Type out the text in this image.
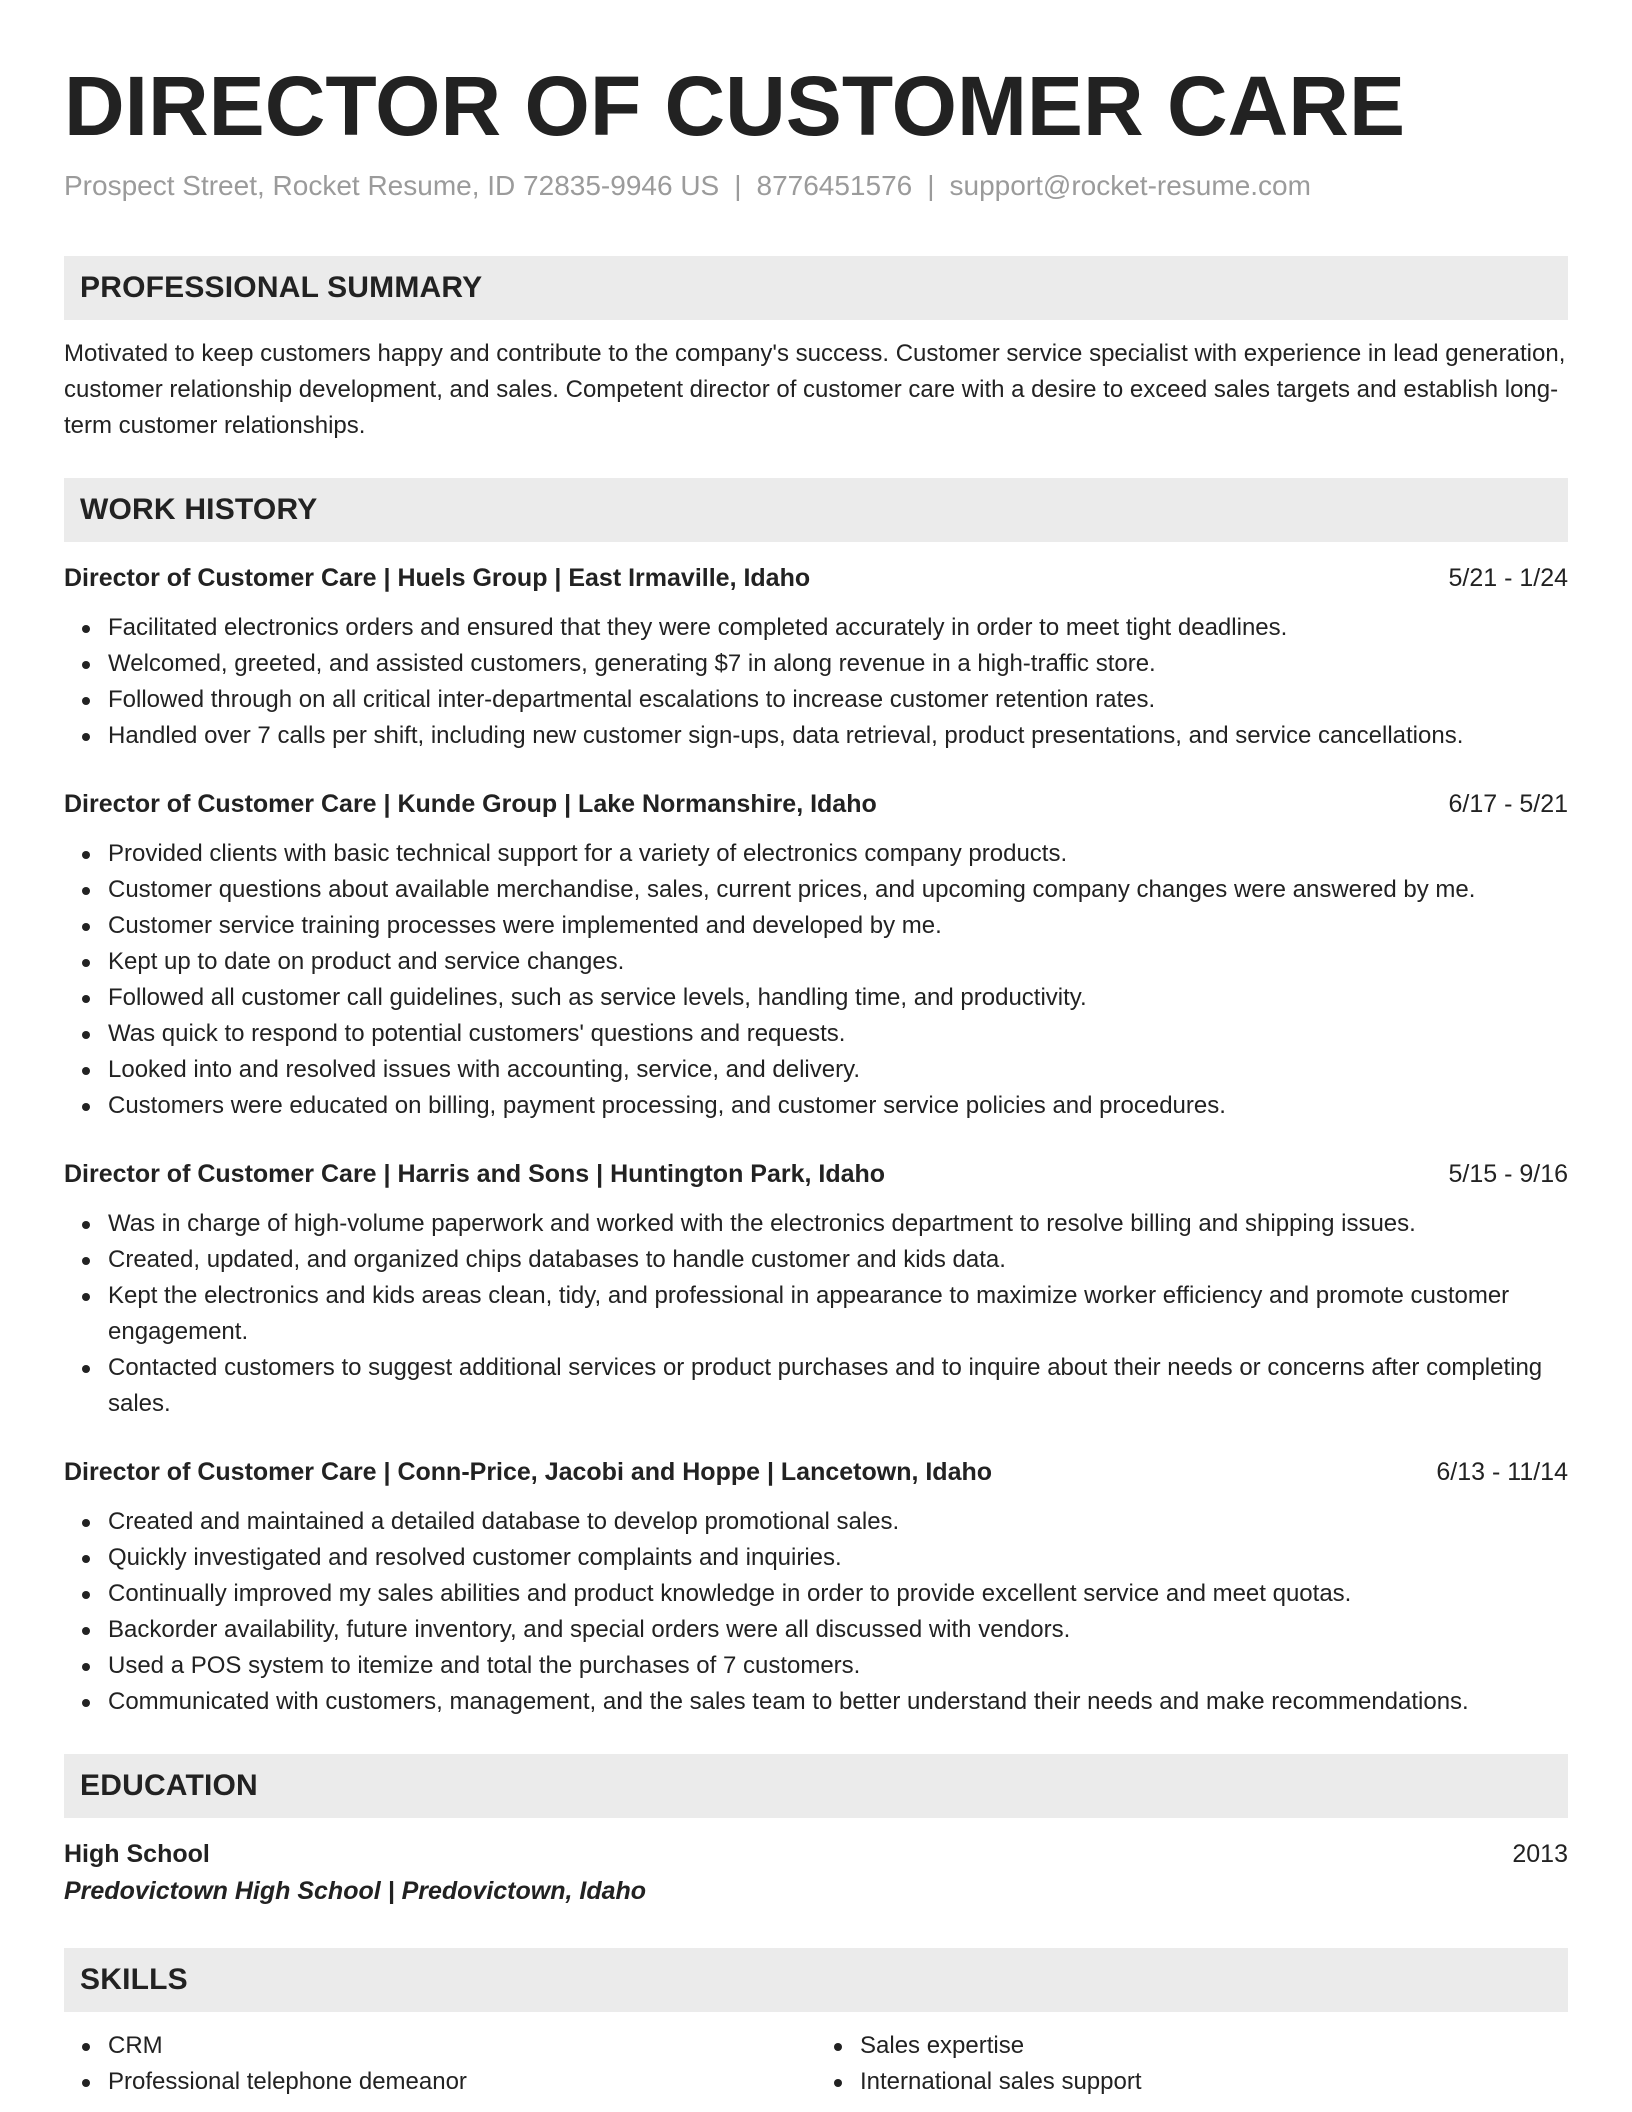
DIRECTOR OF CUSTOMER CARE
Prospect Street, Rocket Resume, ID 72835-9946 US | 8776451576 | support@rocket-resume.com
PROFESSIONAL SUMMARY
Motivated to keep customers happy and contribute to the company's success. Customer service specialist with experience in lead generation, customer relationship development, and sales. Competent director of customer care with a desire to exceed sales targets and establish long-term customer relationships.
WORK HISTORY
Director of Customer Care | Huels Group | East Irmaville, Idaho	5/21 - 1/24
Facilitated electronics orders and ensured that they were completed accurately in order to meet tight deadlines.
Welcomed, greeted, and assisted customers, generating $7 in along revenue in a high-traffic store.
Followed through on all critical inter-departmental escalations to increase customer retention rates.
Handled over 7 calls per shift, including new customer sign-ups, data retrieval, product presentations, and service cancellations.
Director of Customer Care | Kunde Group | Lake Normanshire, Idaho	6/17 - 5/21
Provided clients with basic technical support for a variety of electronics company products.
Customer questions about available merchandise, sales, current prices, and upcoming company changes were answered by me.
Customer service training processes were implemented and developed by me.
Kept up to date on product and service changes.
Followed all customer call guidelines, such as service levels, handling time, and productivity.
Was quick to respond to potential customers' questions and requests.
Looked into and resolved issues with accounting, service, and delivery.
Customers were educated on billing, payment processing, and customer service policies and procedures.
Director of Customer Care | Harris and Sons | Huntington Park, Idaho	5/15 - 9/16
Was in charge of high-volume paperwork and worked with the electronics department to resolve billing and shipping issues.
Created, updated, and organized chips databases to handle customer and kids data.
Kept the electronics and kids areas clean, tidy, and professional in appearance to maximize worker efficiency and promote customer engagement.
Contacted customers to suggest additional services or product purchases and to inquire about their needs or concerns after completing sales.
Director of Customer Care | Conn-Price, Jacobi and Hoppe | Lancetown, Idaho	6/13 - 11/14
Created and maintained a detailed database to develop promotional sales.
Quickly investigated and resolved customer complaints and inquiries.
Continually improved my sales abilities and product knowledge in order to provide excellent service and meet quotas.
Backorder availability, future inventory, and special orders were all discussed with vendors.
Used a POS system to itemize and total the purchases of 7 customers.
Communicated with customers, management, and the sales team to better understand their needs and make recommendations.
EDUCATION
High School	2013
Predovictown High School | Predovictown, Idaho
SKILLS
CRM
Professional telephone demeanor
Sales expertise
International sales support
